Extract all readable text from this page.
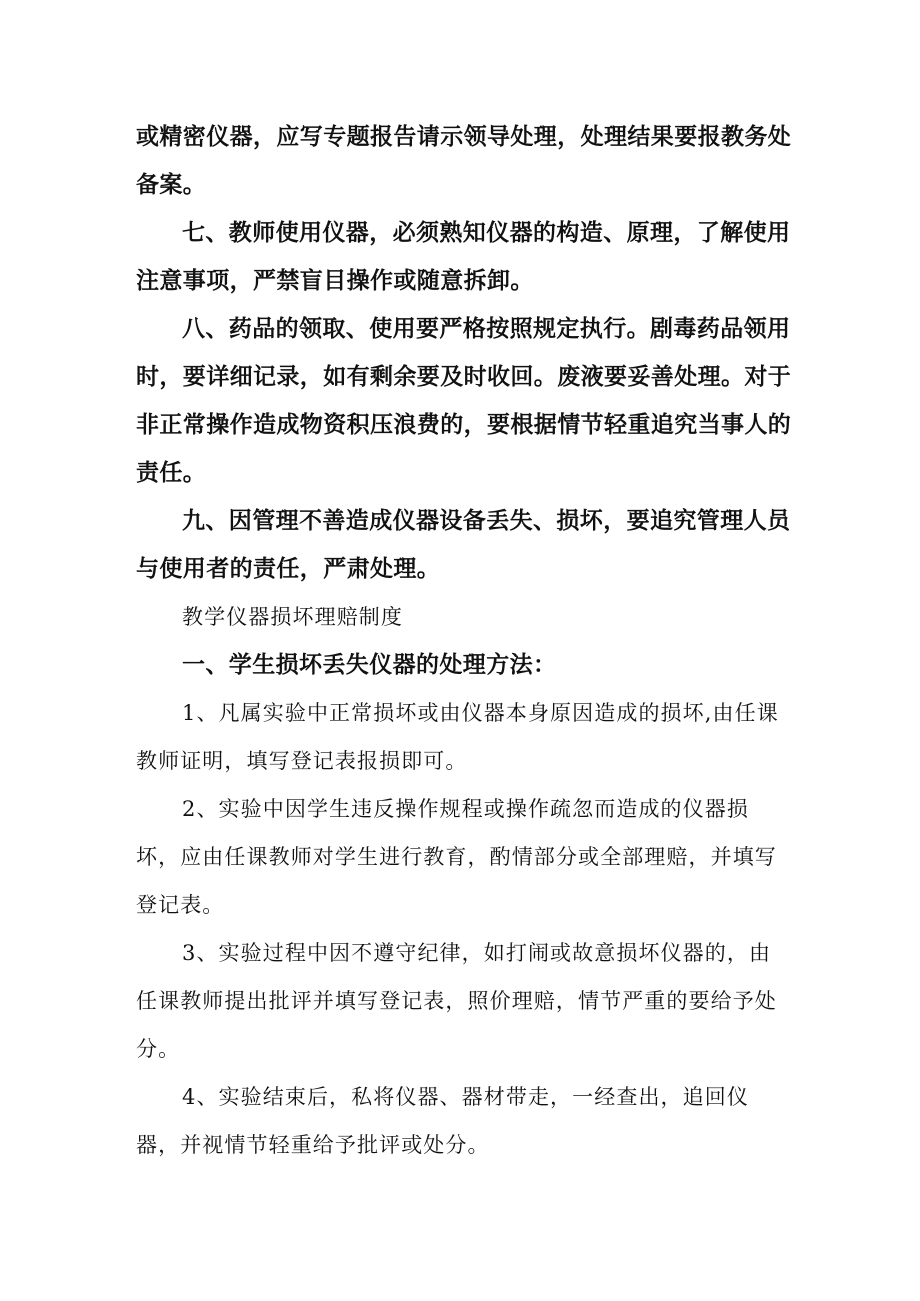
或精密仪器，应写专题报告请示领导处理，处理结果要报教务处备案。

七、教师使用仪器，必须熟知仪器的构造、原理，了解使用注意事项，严禁盲目操作或随意拆卸。

八、药品的领取、使用要严格按照规定执行。剧毒药品领用时，要详细记录，如有剩余要及时收回。废液要妥善处理。对于非正常操作造成物资积压浪费的，要根据情节轻重追究当事人的责任。

九、因管理不善造成仪器设备丢失、损坏，要追究管理人员与使用者的责任，严肃处理。

教学仪器损坏理赔制度

一、学生损坏丢失仪器的处理方法：

1、凡属实验中正常损坏或由仪器本身原因造成的损坏,由任课教师证明，填写登记表报损即可。

2、实验中因学生违反操作规程或操作疏忽而造成的仪器损坏，应由任课教师对学生进行教育，酌情部分或全部理赔，并填写登记表。

3、实验过程中因不遵守纪律，如打闹或故意损坏仪器的，由任课教师提出批评并填写登记表，照价理赔，情节严重的要给予处分。

4、实验结束后，私将仪器、器材带走，一经查出，追回仪器，并视情节轻重给予批评或处分。
